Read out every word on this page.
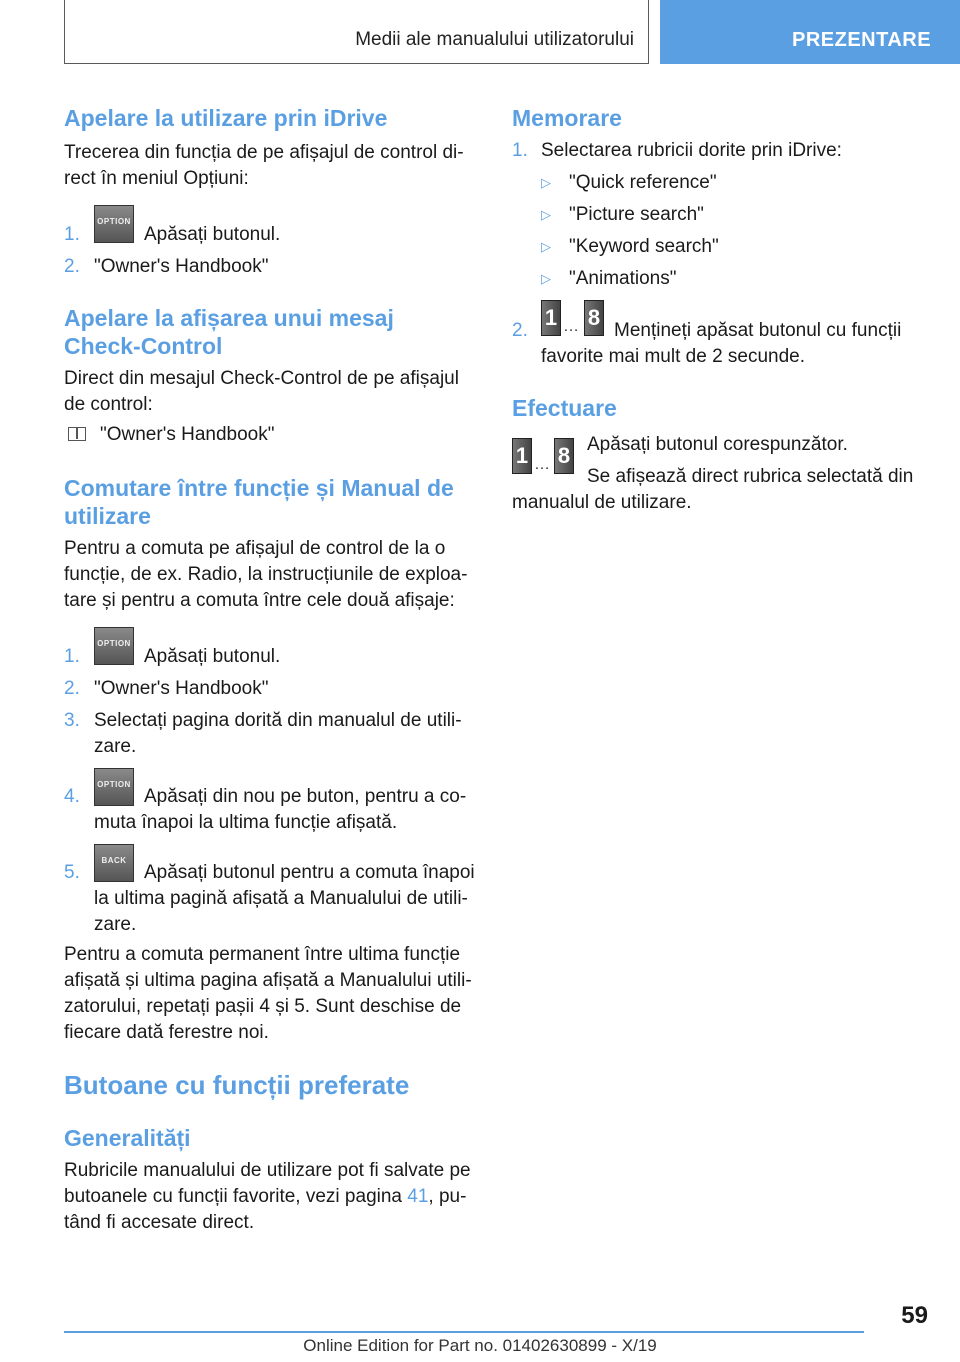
Medii ale manualului utilizatorului	PREZENTARE
Apelare la utilizare prin iDrive

Trecerea din funcția de pe afișajul de control di-rect în meniul Opțiuni:

1.
OPTION
Apăsați butonul.
2. "Owner's Handbook"
Apelare la afișarea unui mesaj
Check-Control

Direct din mesajul Check-Control de pe afișajul de control:

"Owner's Handbook"
Comutare între funcție și Manual de
utilizare

Pentru a comuta pe afișajul de control de la o funcție, de ex. Radio, la instrucțiunile de exploa-tare și pentru a comuta între cele două afișaje:

1.
OPTION
Apăsați butonul.
2. "Owner's Handbook"
3. Selectați pagina dorită din manualul de utili-zare.
4.
OPTION
Apăsați din nou pe buton, pentru a co-muta înapoi la ultima funcție afișată.
5.
BACK
Apăsați butonul pentru a comuta înapoi la ultima pagină afișată a Manualului de utili-zare.

Pentru a comuta permanent între ultima funcție afișată și ultima pagina afișată a Manualului utili-zatorului, repetați pașii 4 și 5. Sunt deschise de fiecare dată ferestre noi.

Butoane cu funcții preferate
Generalități

Rubricile manualului de utilizare pot fi salvate pe butoanele cu funcții favorite, vezi pagina 41, pu-tând fi accesate direct.

Memorare
1. Selectarea rubricii dorite prin iDrive:
▷ "Quick reference"
▷ "Picture search"
▷ "Keyword search"
▷ "Animations"
2.
1 … 8
Mențineți apăsat butonul cu funcții favorite mai mult de 2 secunde.
Efectuare
1 … 8 Apăsați butonul corespunzător.

Se afișează direct rubrica selectată din manualul de utilizare.

59
Online Edition for Part no. 01402630899 - X/19
